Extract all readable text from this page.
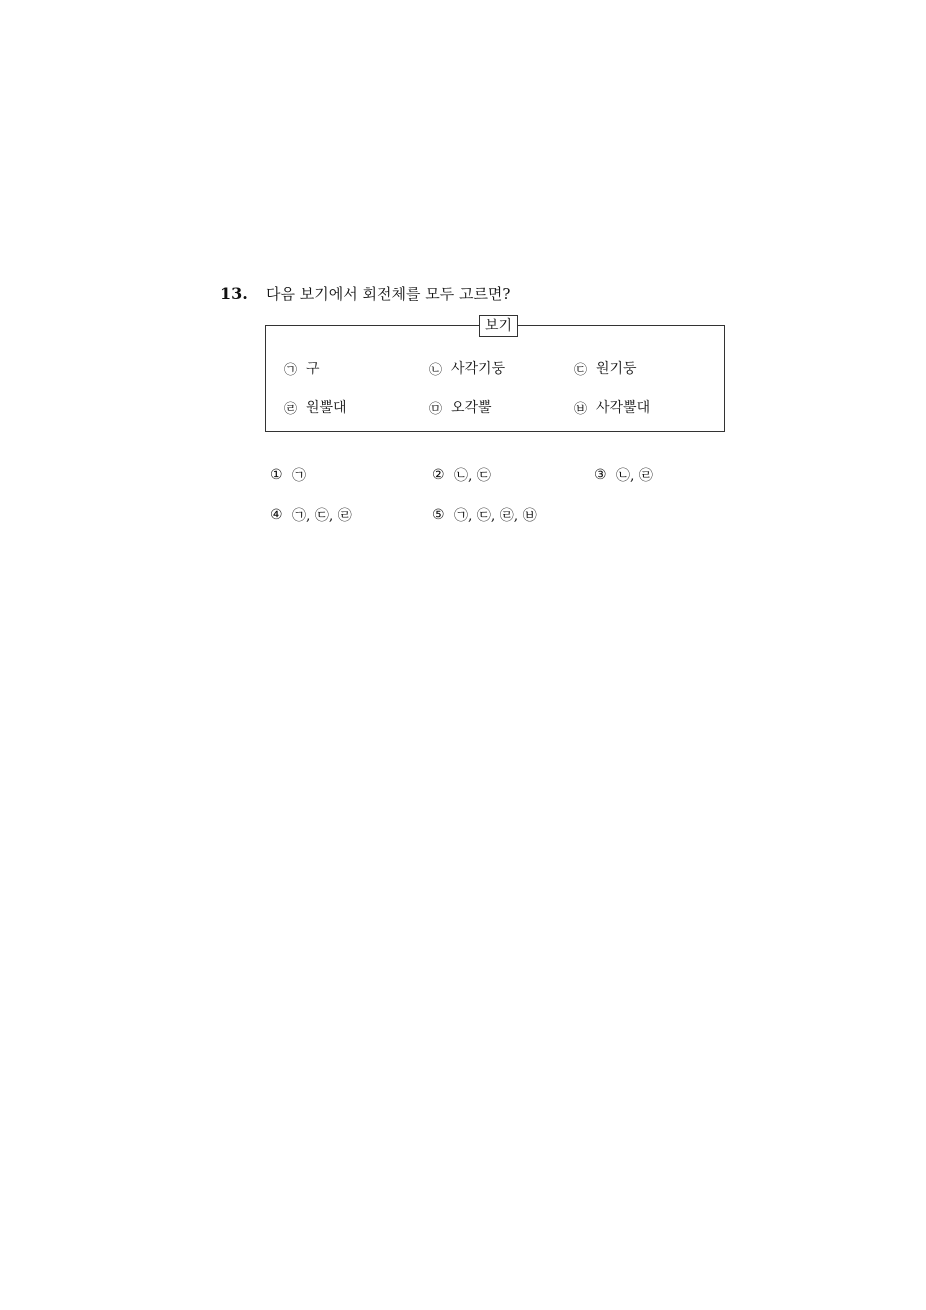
13.	다음 보기에서 회전체를 모두 고르면?
보기
㉠ 구	㉡ 사각기둥	㉢ 원기둥
㉣ 원뿔대	㉤ 오각뿔	㉥ 사각뿔대
① ㉠	② ㉡, ㉢	③ ㉡, ㉣
④ ㉠, ㉢, ㉣	⑤ ㉠, ㉢, ㉣, ㉥
